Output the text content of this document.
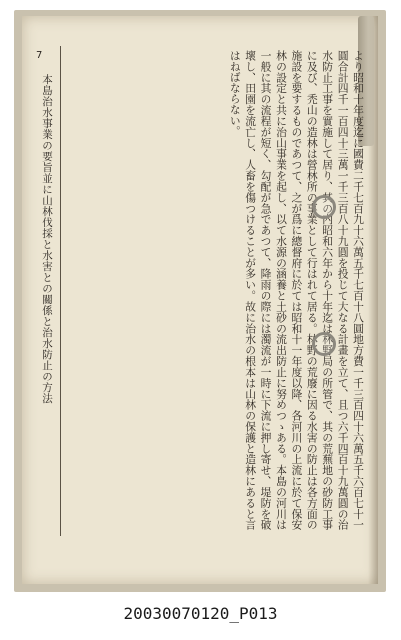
7
本島治水事業の要旨並に山林伐採と水害との關係と治水防止の方法	より昭和十年度迄に國費二千七百九十六萬五千七百十八圓地方費一千三百四十六萬五千六百七十一圓合計四千一百四十三萬一千三百八十九圓を投じて大なる計畫を立て、且つ六千四百十九萬圓の治水防止工事を實施して居り、其の内昭和六年から十年迄は林野局の所管で、其の荒蕪地の砂防工事に及び、禿山の造林は營林所の事業として行はれて居る。林野の荒廢に因る水害の防止は各方面の施設を要するものであつて、之が爲に總督府に於ては昭和十一年度以降、各河川の上流に於て保安林の設定と共に治山事業を起し、以て水源の涵養と土砂の流出防止に努めつゝある。本島の河川は一般に其の流程が短く、勾配が急であつて、降雨の際には濁流が一時に下流に押し寄せ、堤防を破壞し、田園を流亡し、人畜を傷つけることが多い。故に治水の根本は山林の保護と造林にあると言はねばならない。
20030070120_P013
